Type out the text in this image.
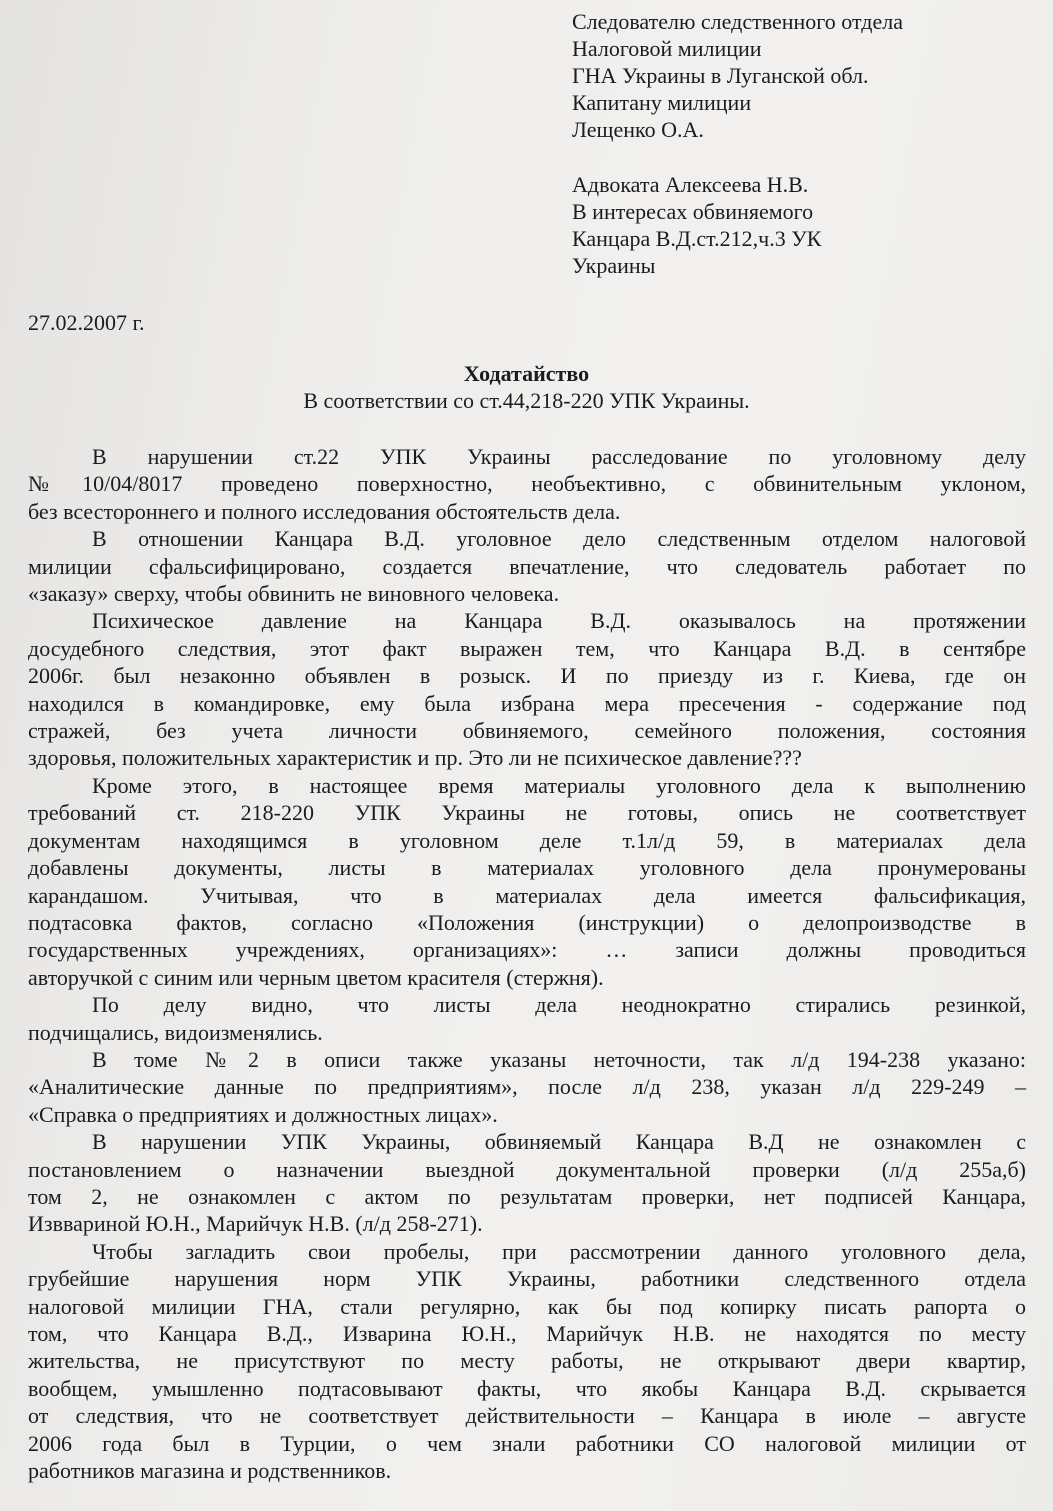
Следователю следственного отдела
Налоговой милиции
ГНА Украины в Луганской обл.
Капитану милиции
Лещенко О.А.
Адвоката Алексеева Н.В.
В интересах обвиняемого
Канцара В.Д.ст.212,ч.3 УК
Украины
27.02.2007 г.
Ходатайство
В соответствии со ст.44,218-220 УПК Украины.
В нарушении ст.22 УПК Украины расследование по уголовному делу
№10/04/8017 проведено поверхностно, необъективно, с обвинительным уклоном,
без всестороннего и полного исследования обстоятельств дела.
В отношении Канцара В.Д. уголовное дело следственным отделом налоговой
милиции сфальсифицировано, создается впечатление, что следователь работает по
«заказу» сверху, чтобы обвинить не виновного человека.
Психическое давление на Канцара В.Д. оказывалось на протяжении
досудебного следствия, этот факт выражен тем, что Канцара В.Д. в сентябре
2006г. был незаконно объявлен в розыск. И по приезду из г. Киева, где он
находился в командировке, ему была избрана мера пресечения - содержание под
стражей, без учета личности обвиняемого, семейного положения, состояния
здоровья, положительных характеристик и пр. Это ли не психическое давление???
Кроме этого, в настоящее время материалы уголовного дела к выполнению
требований ст. 218-220 УПК Украины не готовы, опись не соответствует
документам находящимся в уголовном деле т.1л/д 59, в материалах дела
добавлены документы, листы в материалах уголовного дела пронумерованы
карандашом. Учитывая, что в материалах дела имеется фальсификация,
подтасовка фактов, согласно «Положения (инструкции) о делопроизводстве в
государственных учреждениях, организациях»: … записи должны проводиться
авторучкой с синим или черным цветом красителя (стержня).
По делу видно, что листы дела неоднократно стирались резинкой,
подчищались, видоизменялись.
В томе №2 в описи также указаны неточности, так л/д 194-238 указано:
«Аналитические данные по предприятиям», после л/д 238, указан л/д 229-249 –
«Справка о предприятиях и должностных лицах».
В нарушении УПК Украины, обвиняемый Канцара В.Д не ознакомлен с
постановлением о назначении выездной документальной проверки (л/д 255а,б)
том 2, не ознакомлен с актом по результатам проверки, нет подписей Канцара,
Изввариной Ю.Н., Марийчук Н.В. (л/д 258-271).
Чтобы загладить свои пробелы, при рассмотрении данного уголовного дела,
грубейшие нарушения норм УПК Украины, работники следственного отдела
налоговой милиции ГНА, стали регулярно, как бы под копирку писать рапорта о
том, что Канцара В.Д., Изварина Ю.Н., Марийчук Н.В. не находятся по месту
жительства, не присутствуют по месту работы, не открывают двери квартир,
вообщем, умышленно подтасовывают факты, что якобы Канцара В.Д. скрывается
от следствия, что не соответствует действительности – Канцара в июле – августе
2006 года был в Турции, о чем знали работники СО налоговой милиции от
работников магазина и родственников.
